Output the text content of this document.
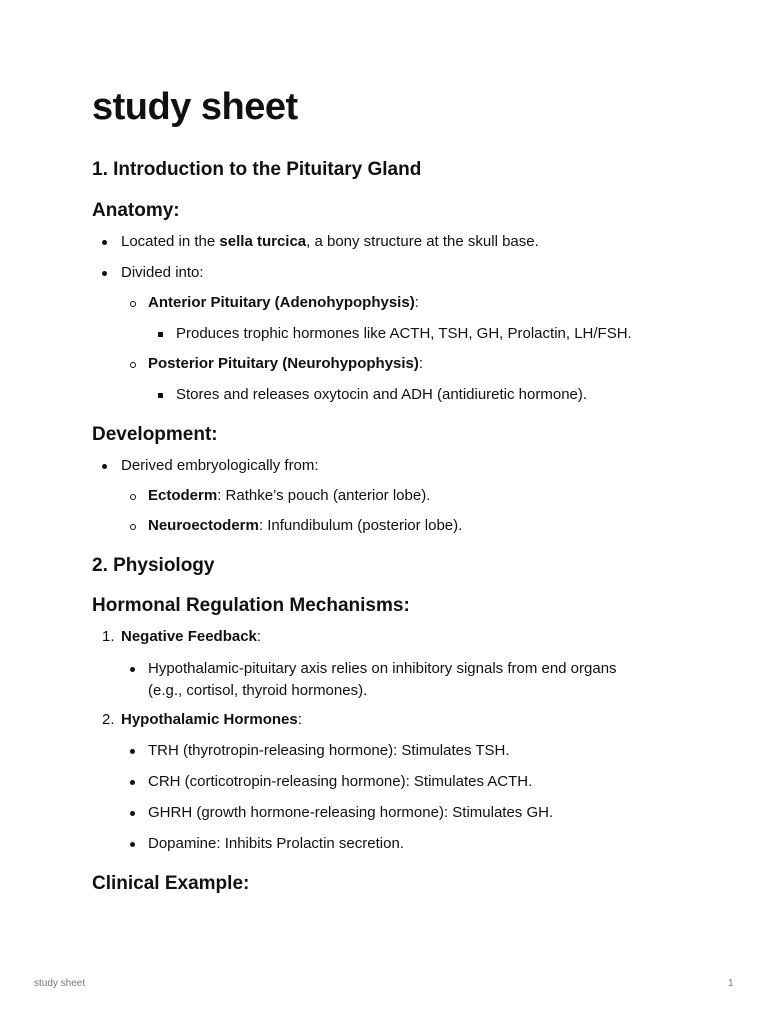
study sheet
1. Introduction to the Pituitary Gland
Anatomy:
Located in the sella turcica, a bony structure at the skull base.
Divided into:
Anterior Pituitary (Adenohypophysis):
Produces trophic hormones like ACTH, TSH, GH, Prolactin, LH/FSH.
Posterior Pituitary (Neurohypophysis):
Stores and releases oxytocin and ADH (antidiuretic hormone).
Development:
Derived embryologically from:
Ectoderm: Rathke’s pouch (anterior lobe).
Neuroectoderm: Infundibulum (posterior lobe).
2. Physiology
Hormonal Regulation Mechanisms:
1. Negative Feedback:
Hypothalamic-pituitary axis relies on inhibitory signals from end organs
(e.g., cortisol, thyroid hormones).
2. Hypothalamic Hormones:
TRH (thyrotropin-releasing hormone): Stimulates TSH.
CRH (corticotropin-releasing hormone): Stimulates ACTH.
GHRH (growth hormone-releasing hormone): Stimulates GH.
Dopamine: Inhibits Prolactin secretion.
Clinical Example:
study sheet	1
